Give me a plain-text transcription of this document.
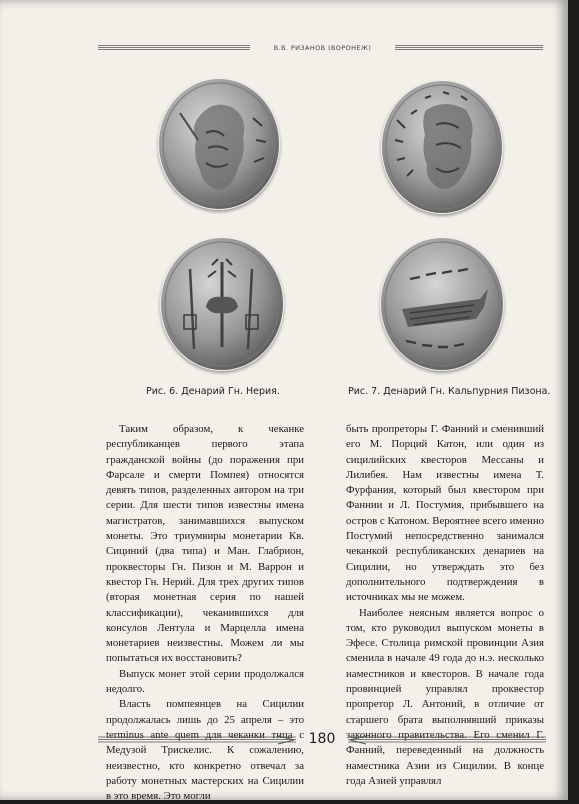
В.В. РИЗАНОВ (ВОРОНЕЖ)
Рис. 6. Денарий Гн. Нерия.	Рис. 7. Денарий Гн. Кальпурния Пизона.

Таким образом, к чеканке республиканцев первого этапа гражданской войны (до поражения при Фарсале и смерти Помпея) относятся девять типов, разделенных автором на три серии. Для шести типов известны имена магистратов, занимавшихся выпуском монеты. Это триумвиры монетарии Кв. Сициний (два типа) и Ман. Глабрион, проквесторы Гн. Пизон и М. Варрон и квестор Гн. Нерий. Для трех других типов (вторая монетная серия по нашей классификации), чеканившихся для консулов Лентула и Марцелла имена монетариев неизвестны. Можем ли мы попытаться их восстановить?

Выпуск монет этой серии продолжался недолго.

Власть помпеянцев на Сицилии продолжалась лишь до 25 апреля – это terminus ante quem для чеканки типа с Медузой Трискелис. К сожалению, неизвестно, кто конкретно отвечал за работу монетных мастерских на Сицилии в это время. Это могли

быть пропреторы Г. Фанний и сменивший его М. Порций Катон, или один из сицилийских квесторов Мессаны и Лилибея. Нам известны имена Т. Фурфания, который был квестором при Фаннии и Л. Постумия, прибывшего на остров с Катоном. Вероятнее всего именно Постумий непосредственно занимался чеканкой республиканских денариев на Сицилии, но утверждать это без дополнительного подтверждения в источниках мы не можем.

Наиболее неясным является вопрос о том, кто руководил выпуском монеты в Эфесе. Столица римской провинции Азия сменила в начале 49 года до н.э. несколько наместников и квесторов. В начале года провинцией управлял проквестор пропретор Л. Антоний, в отличие от старшего брата выполнявший приказы законного правительства. Его сменил Г. Фанний, переведенный на должность наместника Азии из Сицилии. В конце года Азией управлял

180
